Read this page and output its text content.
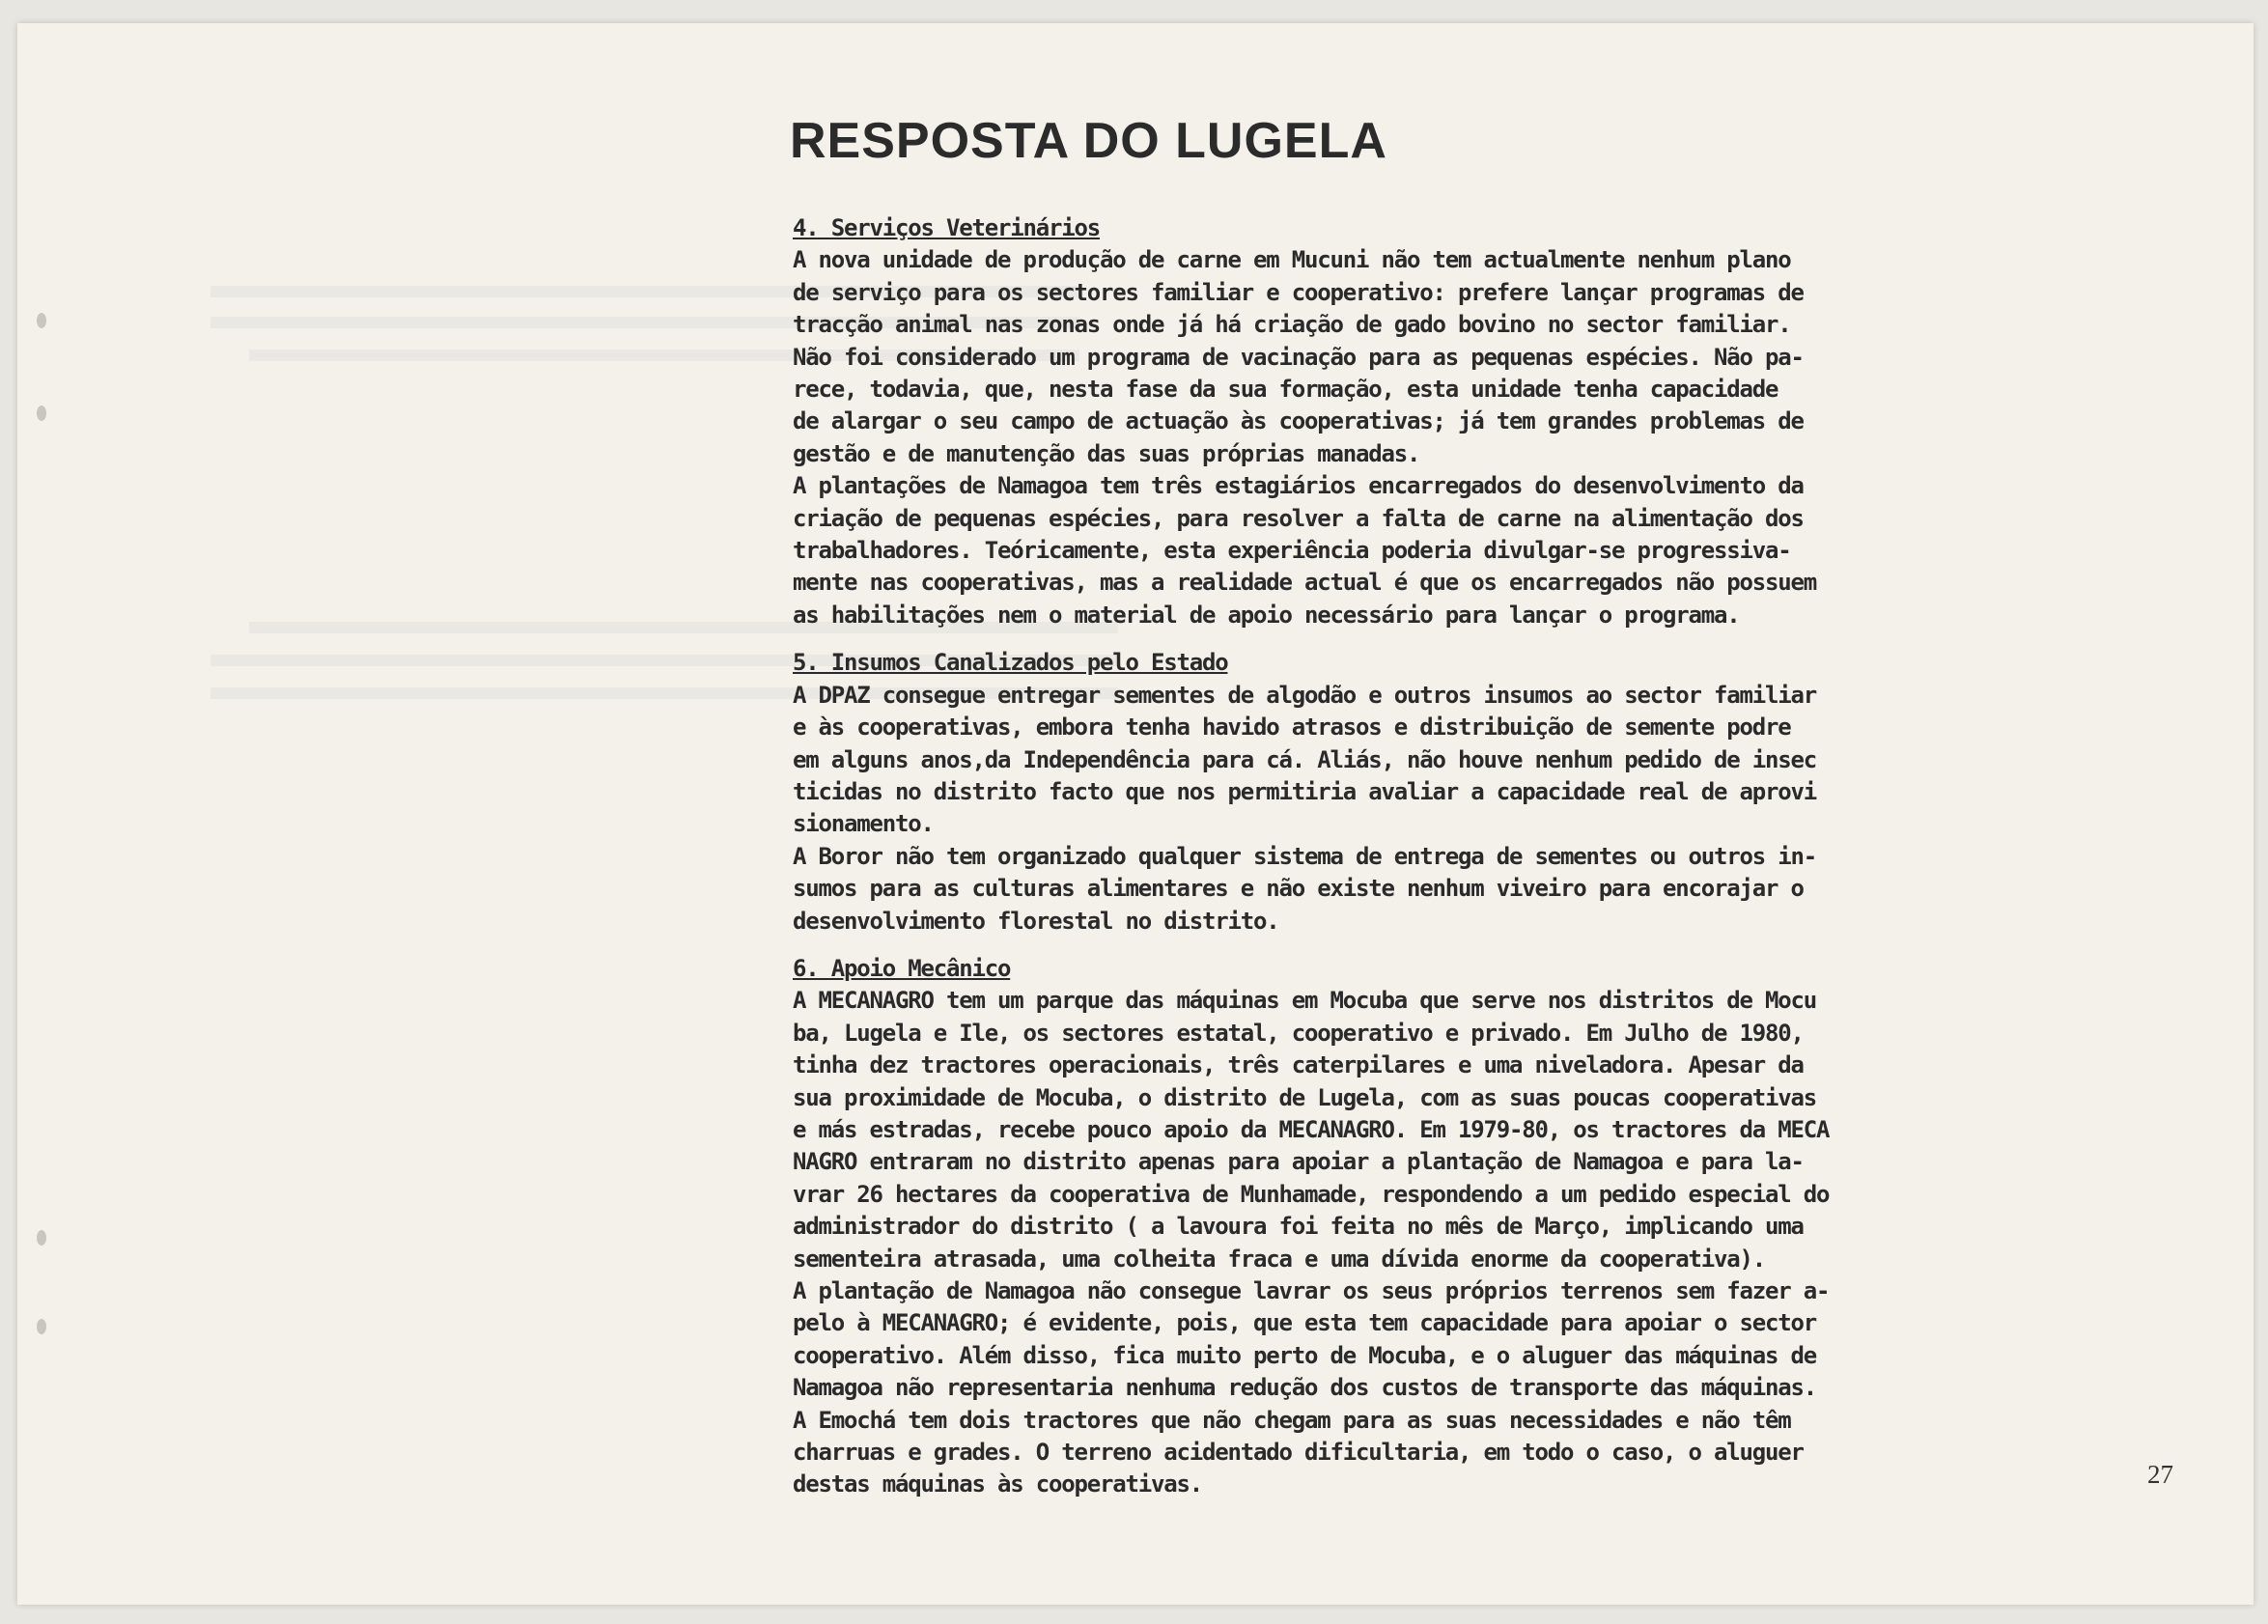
RESPOSTA DO LUGELA

4. Serviços Veterinários

A nova unidade de produção de carne em Mucuni não tem actualmente nenhum plano

de serviço para os sectores familiar e cooperativo: prefere lançar programas de

tracção animal nas zonas onde já há criação de gado bovino no sector familiar.

Não foi considerado um programa de vacinação para as pequenas espécies. Não pa-

rece, todavia, que, nesta fase da sua formação, esta unidade tenha capacidade

de alargar o seu campo de actuação às cooperativas; já tem grandes problemas de

gestão e de manutenção das suas próprias manadas.

A plantações de Namagoa tem três estagiários encarregados do desenvolvimento da

criação de pequenas espécies, para resolver a falta de carne na alimentação dos

trabalhadores. Teóricamente, esta experiência poderia divulgar-se progressiva-

mente nas cooperativas, mas a realidade actual é que os encarregados não possuem

as habilitações nem o material de apoio necessário para lançar o programa.

5. Insumos Canalizados pelo Estado

A DPAZ consegue entregar sementes de algodão e outros insumos ao sector familiar

e às cooperativas, embora tenha havido atrasos e distribuição de semente podre

em alguns anos,da Independência para cá. Aliás, não houve nenhum pedido de insec

ticidas no distrito facto que nos permitiria avaliar a capacidade real de aprovi

sionamento.

A Boror não tem organizado qualquer sistema de entrega de sementes ou outros in-

sumos para as culturas alimentares e não existe nenhum viveiro para encorajar o

desenvolvimento florestal no distrito.

6. Apoio Mecânico

A MECANAGRO tem um parque das máquinas em Mocuba que serve nos distritos de Mocu

ba, Lugela e Ile, os sectores estatal, cooperativo e privado. Em Julho de 1980,

tinha dez tractores operacionais, três caterpilares e uma niveladora. Apesar da

sua proximidade de Mocuba, o distrito de Lugela, com as suas poucas cooperativas

e más estradas, recebe pouco apoio da MECANAGRO. Em 1979-80, os tractores da MECA

NAGRO entraram no distrito apenas para apoiar a plantação de Namagoa e para la-

vrar 26 hectares da cooperativa de Munhamade, respondendo a um pedido especial do

administrador do distrito ( a lavoura foi feita no mês de Março, implicando uma

sementeira atrasada, uma colheita fraca e uma dívida enorme da cooperativa).

A plantação de Namagoa não consegue lavrar os seus próprios terrenos sem fazer a-

pelo à MECANAGRO; é evidente, pois, que esta tem capacidade para apoiar o sector

cooperativo. Além disso, fica muito perto de Mocuba, e o aluguer das máquinas de

Namagoa não representaria nenhuma redução dos custos de transporte das máquinas.

A Emochá tem dois tractores que não chegam para as suas necessidades e não têm

charruas e grades. O terreno acidentado dificultaria, em todo o caso, o aluguer

destas máquinas às cooperativas.	27
